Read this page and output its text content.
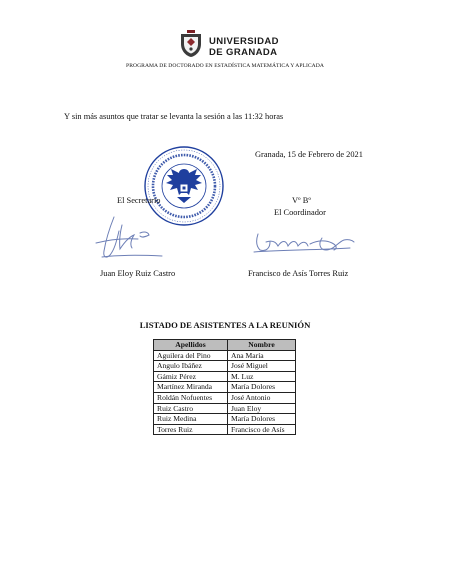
UNIVERSIDAD
DE GRANADA
PROGRAMA DE DOCTORADO EN ESTADÍSTICA MATEMÁTICA Y APLICADA
Y sin más asuntos que tratar se levanta la sesión a las 11:32 horas
Granada, 15 de Febrero de 2021
El Secretario	Vº Bº
El Coordinador
Juan Eloy Ruiz Castro	Francisco de Asís Torres Ruiz
LISTADO DE ASISTENTES A LA REUNIÓN
Apellidos	Nombre
Aguilera del Pino	Ana María
Angulo Ibáñez	José Miguel
Gámiz Pérez	M. Luz
Martínez Miranda	María Dolores
Roldán Nofuentes	José Antonio
Ruiz Castro	Juan Eloy
Ruiz Medina	María Dolores
Torres Ruiz	Francisco de Asís
